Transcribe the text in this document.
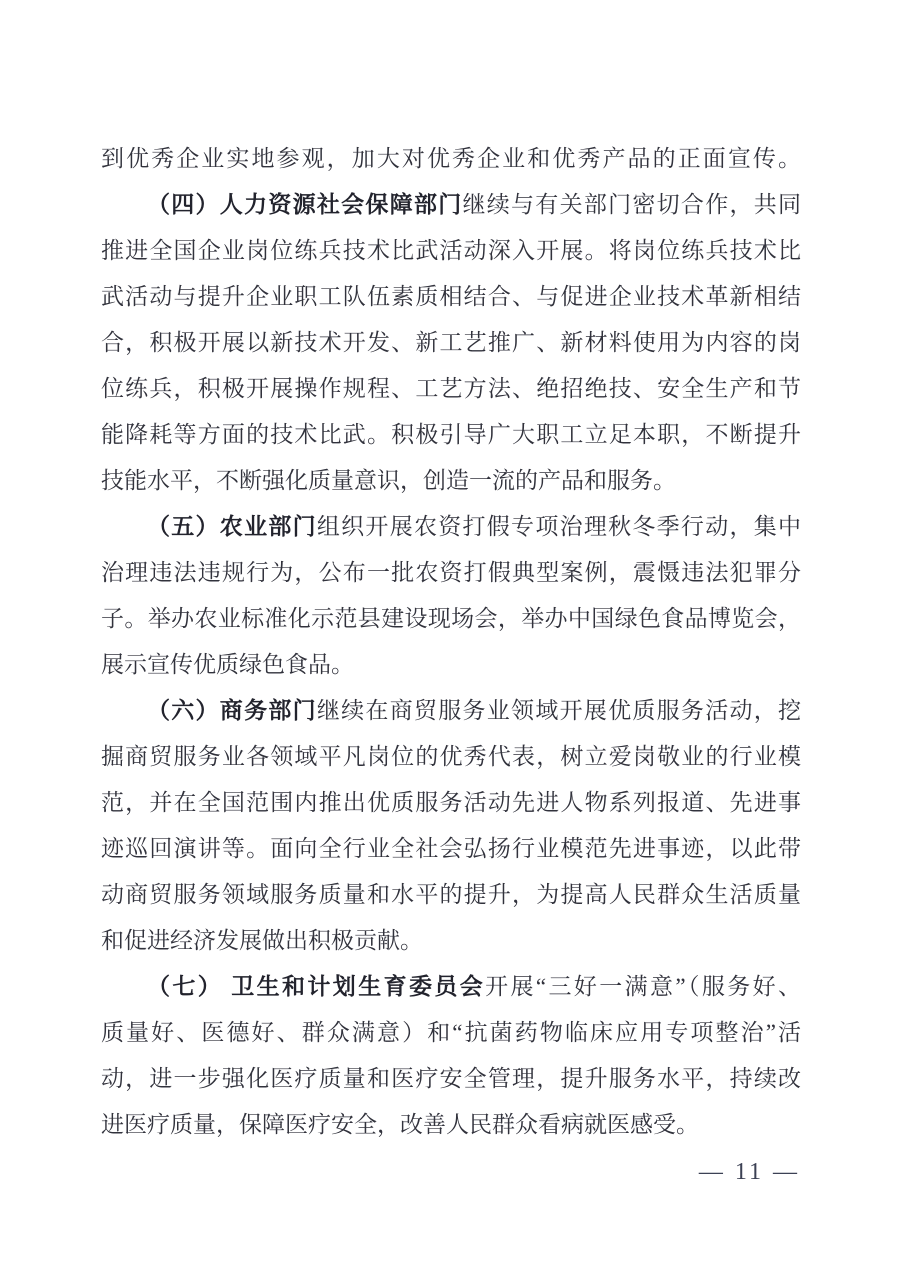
到优秀企业实地参观，加大对优秀企业和优秀产品的正面宣传。
（四）人力资源社会保障部门继续与有关部门密切合作，共同
推进全国企业岗位练兵技术比武活动深入开展。将岗位练兵技术比
武活动与提升企业职工队伍素质相结合、与促进企业技术革新相结
合，积极开展以新技术开发、新工艺推广、新材料使用为内容的岗
位练兵，积极开展操作规程、工艺方法、绝招绝技、安全生产和节
能降耗等方面的技术比武。积极引导广大职工立足本职，不断提升
技能水平，不断强化质量意识，创造一流的产品和服务。
（五）农业部门组织开展农资打假专项治理秋冬季行动，集中
治理违法违规行为，公布一批农资打假典型案例，震慑违法犯罪分
子。举办农业标准化示范县建设现场会，举办中国绿色食品博览会，
展示宣传优质绿色食品。
（六）商务部门继续在商贸服务业领域开展优质服务活动，挖
掘商贸服务业各领域平凡岗位的优秀代表，树立爱岗敬业的行业模
范，并在全国范围内推出优质服务活动先进人物系列报道、先进事
迹巡回演讲等。面向全行业全社会弘扬行业模范先进事迹，以此带
动商贸服务领域服务质量和水平的提升，为提高人民群众生活质量
和促进经济发展做出积极贡献。
（七） 卫生和计划生育委员会开展“三好一满意”（服务好、
质量好、医德好、群众满意）和“抗菌药物临床应用专项整治”活
动，进一步强化医疗质量和医疗安全管理，提升服务水平，持续改
进医疗质量，保障医疗安全，改善人民群众看病就医感受。
— 11 —
